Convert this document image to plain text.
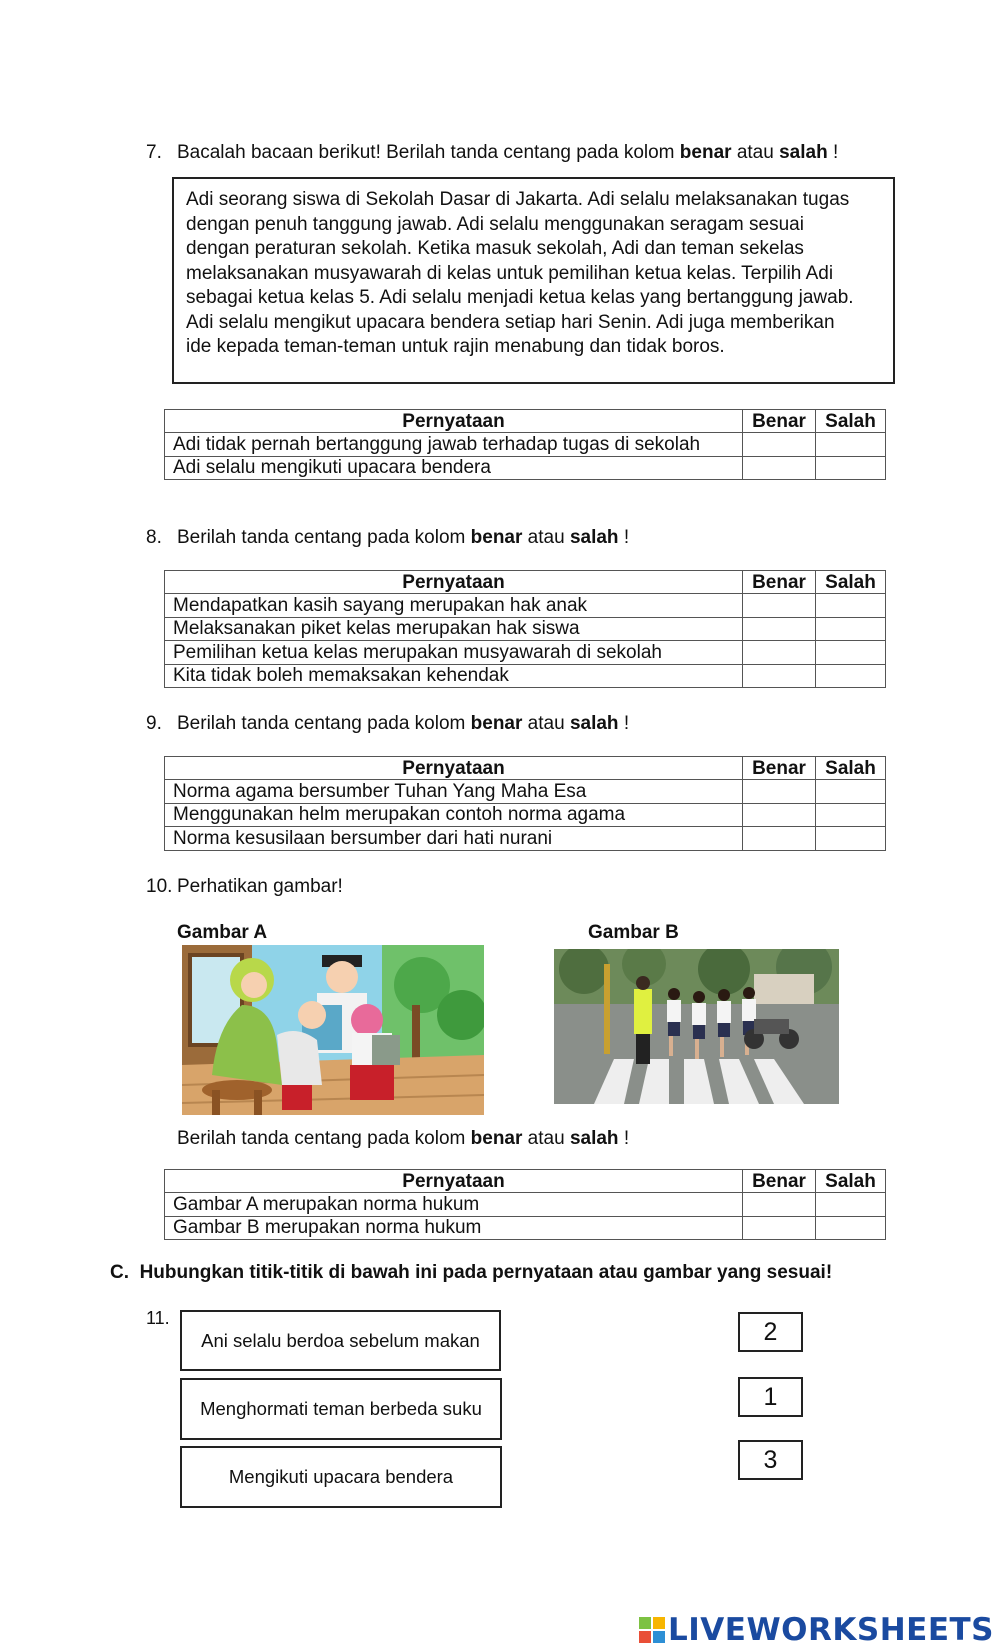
7. Bacalah bacaan berikut! Berilah tanda centang pada kolom benar atau salah !
Adi seorang siswa di Sekolah Dasar di Jakarta. Adi selalu melaksanakan tugas
dengan penuh tanggung jawab. Adi selalu menggunakan seragam sesuai
dengan peraturan sekolah. Ketika masuk sekolah, Adi dan teman sekelas
melaksanakan musyawarah di kelas untuk pemilihan ketua kelas. Terpilih Adi
sebagai ketua kelas 5. Adi selalu menjadi ketua kelas yang bertanggung jawab.
Adi selalu mengikut upacara bendera setiap hari Senin. Adi juga memberikan
ide kepada teman-teman untuk rajin menabung dan tidak boros.
Pernyataan	Benar	Salah
Adi tidak pernah bertanggung jawab terhadap tugas di sekolah		
Adi selalu mengikuti upacara bendera		
8. Berilah tanda centang pada kolom benar atau salah !
Pernyataan	Benar	Salah
Mendapatkan kasih sayang merupakan hak anak		
Melaksanakan piket kelas merupakan hak siswa		
Pemilihan ketua kelas merupakan musyawarah di sekolah		
Kita tidak boleh memaksakan kehendak		
9. Berilah tanda centang pada kolom benar atau salah !
Pernyataan	Benar	Salah
Norma agama bersumber Tuhan Yang Maha Esa		
Menggunakan helm merupakan contoh norma agama		
Norma kesusilaan bersumber dari hati nurani		
10. Perhatikan gambar!
Gambar A	Gambar B
Berilah tanda centang pada kolom benar atau salah !
Pernyataan	Benar	Salah
Gambar A merupakan norma hukum		
Gambar B merupakan norma hukum		
C. Hubungkan titik-titik di bawah ini pada pernyataan atau gambar yang sesuai!
11.
Ani selalu berdoa sebelum makan
Menghormati teman berbeda suku
Mengikuti upacara bendera
2
1
3
LIVEWORKSHEETS
